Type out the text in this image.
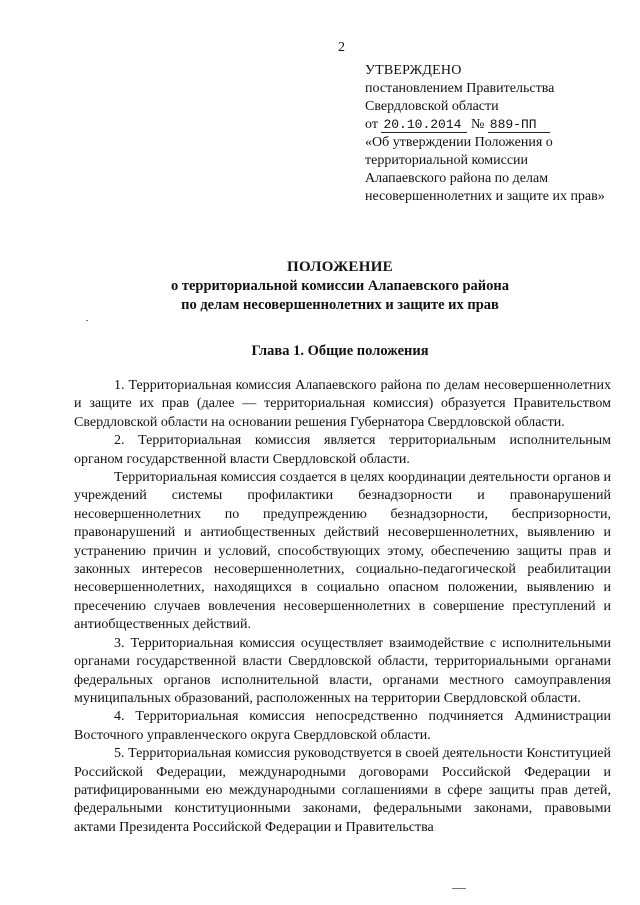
2
УТВЕРЖДЕНО
постановлением Правительства
Свердловской области
от 20.10.2014 № 889-ПП
«Об утверждении Положения о территориальной комиссии Алапаевского района по делам несовершеннолетних и защите их прав»
ПОЛОЖЕНИЕ
о территориальной комиссии Алапаевского района
по делам несовершеннолетних и защите их прав
Глава 1. Общие положения

1. Территориальная комиссия Алапаевского района по делам несовершеннолетних и защите их прав (далее — территориальная комиссия) образуется Правительством Свердловской области на основании решения Губернатора Свердловской области.

2. Территориальная комиссия является территориальным исполнительным органом государственной власти Свердловской области.

Территориальная комиссия создается в целях координации деятельности органов и учреждений системы профилактики безнадзорности и правонарушений несовершеннолетних по предупреждению безнадзорности, беспризорности, правонарушений и антиобщественных действий несовершеннолетних, выявлению и устранению причин и условий, способствующих этому, обеспечению защиты прав и законных интересов несовершеннолетних, социально-педагогической реабилитации несовершеннолетних, находящихся в социально опасном положении, выявлению и пресечению случаев вовлечения несовершеннолетних в совершение преступлений и антиобщественных действий.

3. Территориальная комиссия осуществляет взаимодействие с исполнительными органами государственной власти Свердловской области, территориальными органами федеральных органов исполнительной власти, органами местного самоуправления муниципальных образований, расположенных на территории Свердловской области.

4. Территориальная комиссия непосредственно подчиняется Администрации Восточного управленческого округа Свердловской области.

5. Территориальная комиссия руководствуется в своей деятельности Конституцией Российской Федерации, международными договорами Российской Федерации и ратифицированными ею международными соглашениями в сфере защиты прав детей, федеральными конституционными законами, федеральными законами, правовыми актами Президента Российской Федерации и Правительства
